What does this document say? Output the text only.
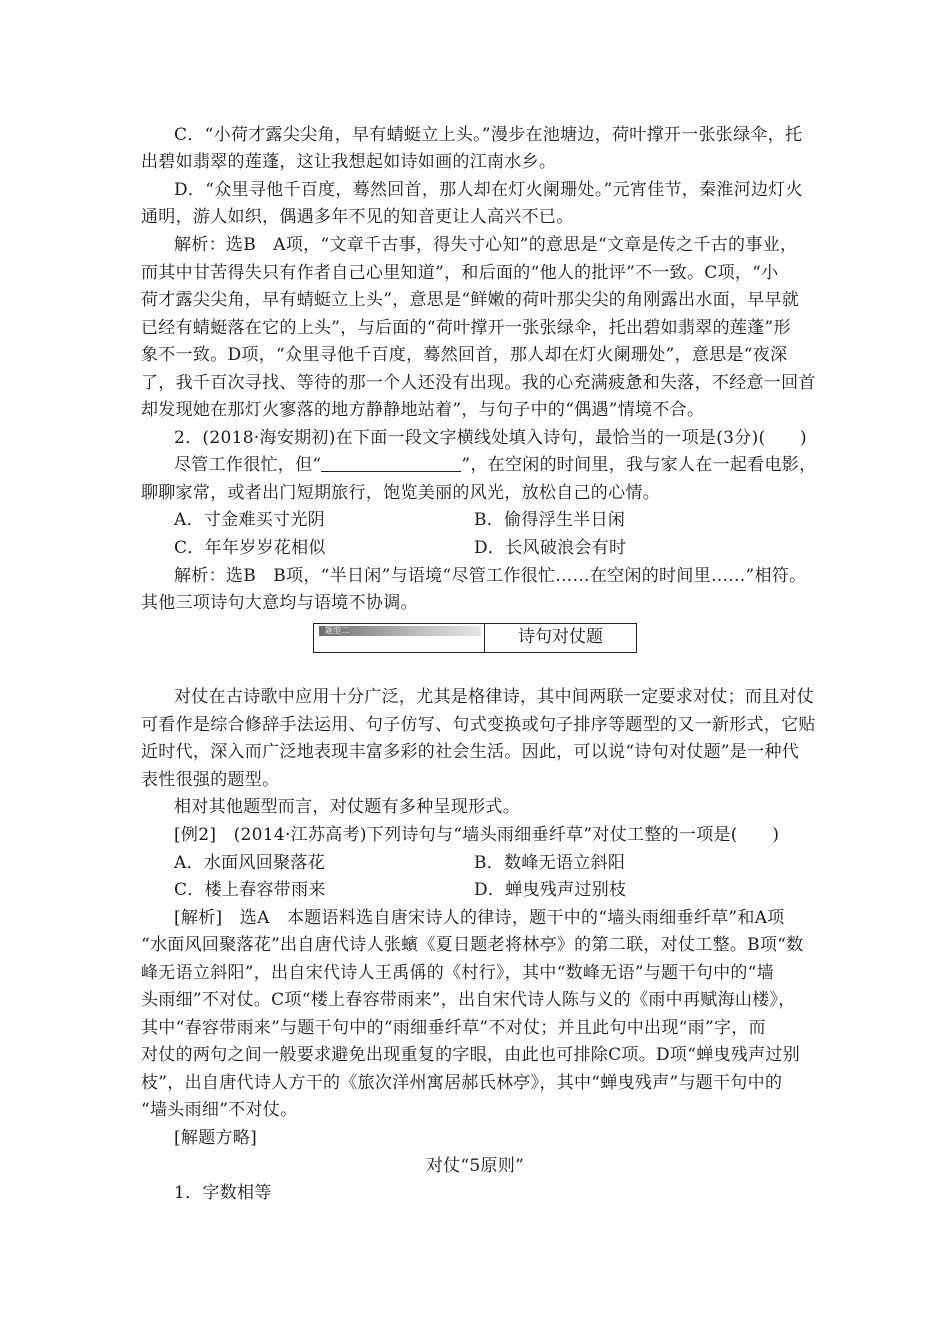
C．“小荷才露尖尖角，早有蜻蜓立上头。”漫步在池塘边，荷叶撑开一张张绿伞，托
出碧如翡翠的莲蓬，这让我想起如诗如画的江南水乡。
D．“众里寻他千百度，蓦然回首，那人却在灯火阑珊处。”元宵佳节，秦淮河边灯火
通明，游人如织，偶遇多年不见的知音更让人高兴不已。
解析：选B　A项，“文章千古事，得失寸心知”的意思是“文章是传之千古的事业，
而其中甘苦得失只有作者自己心里知道”，和后面的“他人的批评”不一致。C项，“小
荷才露尖尖角，早有蜻蜓立上头”，意思是“鲜嫩的荷叶那尖尖的角刚露出水面，早早就
已经有蜻蜓落在它的上头”，与后面的“荷叶撑开一张张绿伞，托出碧如翡翠的莲蓬”形
象不一致。D项，“众里寻他千百度，蓦然回首，那人却在灯火阑珊处”，意思是“夜深
了，我千百次寻找、等待的那一个人还没有出现。我的心充满疲惫和失落，不经意一回首
却发现她在那灯火寥落的地方静静地站着”，与句子中的“偶遇”情境不合。
2．(2018·海安期初)在下面一段文字横线处填入诗句，最恰当的一项是(3分)(　　)
尽管工作很忙，但“	”，在空闲的时间里，我与家人在一起看电影，
聊聊家常，或者出门短期旅行，饱览美丽的风光，放松自己的心情。
A．寸金难买寸光阴	B．偷得浮生半日闲
C．年年岁岁花相似	D．长风破浪会有时
解析：选B　B项，“半日闲”与语境“尽管工作很忙……在空闲的时间里……”相符。
其他三项诗句大意均与语境不协调。
题型二	诗句对仗题
对仗在古诗歌中应用十分广泛，尤其是格律诗，其中间两联一定要求对仗；而且对仗
可看作是综合修辞手法运用、句子仿写、句式变换或句子排序等题型的又一新形式，它贴
近时代，深入而广泛地表现丰富多彩的社会生活。因此，可以说“诗句对仗题”是一种代
表性很强的题型。
相对其他题型而言，对仗题有多种呈现形式。
[例2]　(2014·江苏高考)下列诗句与“墙头雨细垂纤草”对仗工整的一项是(　　)
A．水面风回聚落花	B．数峰无语立斜阳
C．楼上春容带雨来	D．蝉曳残声过别枝
[解析]　选A　本题语料选自唐宋诗人的律诗，题干中的“墙头雨细垂纤草”和A项
“水面风回聚落花”出自唐代诗人张蠙《夏日题老将林亭》的第二联，对仗工整。B项“数
峰无语立斜阳”，出自宋代诗人王禹偁的《村行》，其中“数峰无语”与题干句中的“墙
头雨细”不对仗。C项“楼上春容带雨来”，出自宋代诗人陈与义的《雨中再赋海山楼》，
其中“春容带雨来”与题干句中的“雨细垂纤草”不对仗；并且此句中出现“雨”字，而
对仗的两句之间一般要求避免出现重复的字眼，由此也可排除C项。D项“蝉曳残声过别
枝”，出自唐代诗人方干的《旅次洋州寓居郝氏林亭》，其中“蝉曳残声”与题干句中的
“墙头雨细”不对仗。
[解题方略]
对仗“5原则”
1．字数相等
